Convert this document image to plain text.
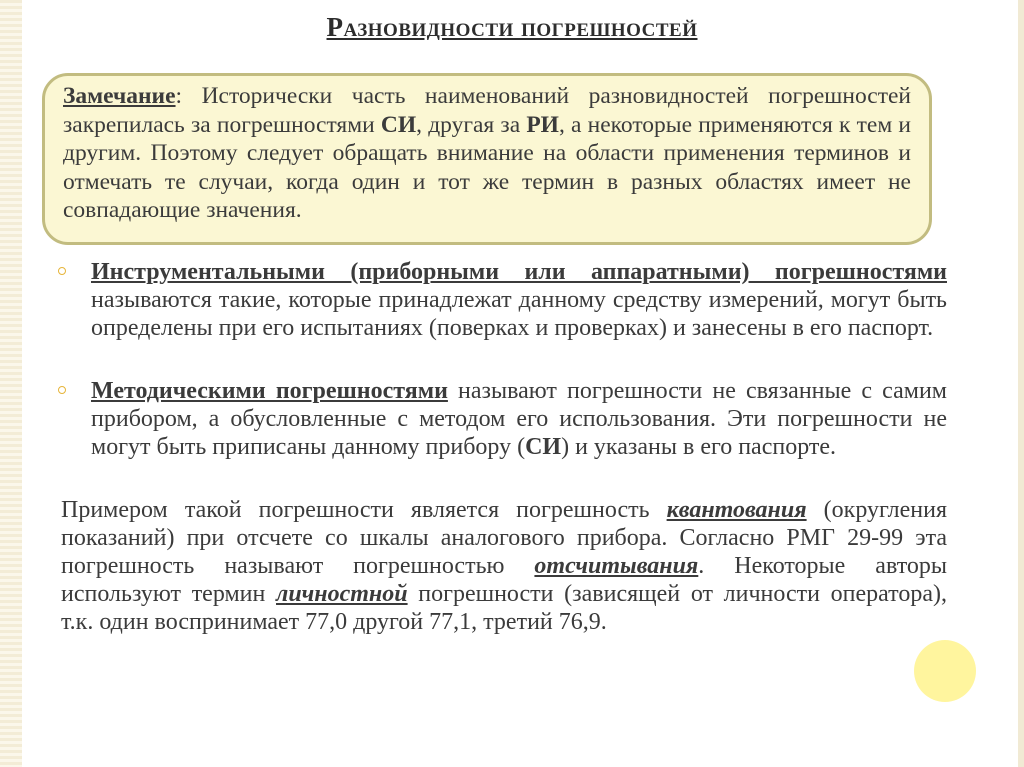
Разновидности погрешностей
Замечание: Исторически часть наименований разновидностей погрешностей закрепилась за погрешностями СИ, другая за РИ, а некоторые применяются к тем и другим. Поэтому следует обращать внимание на области применения терминов и отмечать те случаи, когда один и тот же термин в разных областях имеет не совпадающие значения.
Инструментальными (приборными или аппаратными) погрешностями называются такие, которые принадлежат данному средству измерений, могут быть определены при его испытаниях (поверках и проверках) и занесены в его паспорт.
Методическими погрешностями называют погрешности не связанные с самим прибором, а обусловленные с методом его использования. Эти погрешности не могут быть приписаны данному прибору (СИ) и указаны в его паспорте.
Примером такой погрешности является погрешность квантования (округления показаний) при отсчете со шкалы аналогового прибора. Согласно РМГ 29-99 эта погрешность называют погрешностью отсчитывания. Некоторые авторы используют термин личностной погрешности (зависящей от личности оператора), т.к. один воспринимает 77,0 другой 77,1, третий 76,9.
